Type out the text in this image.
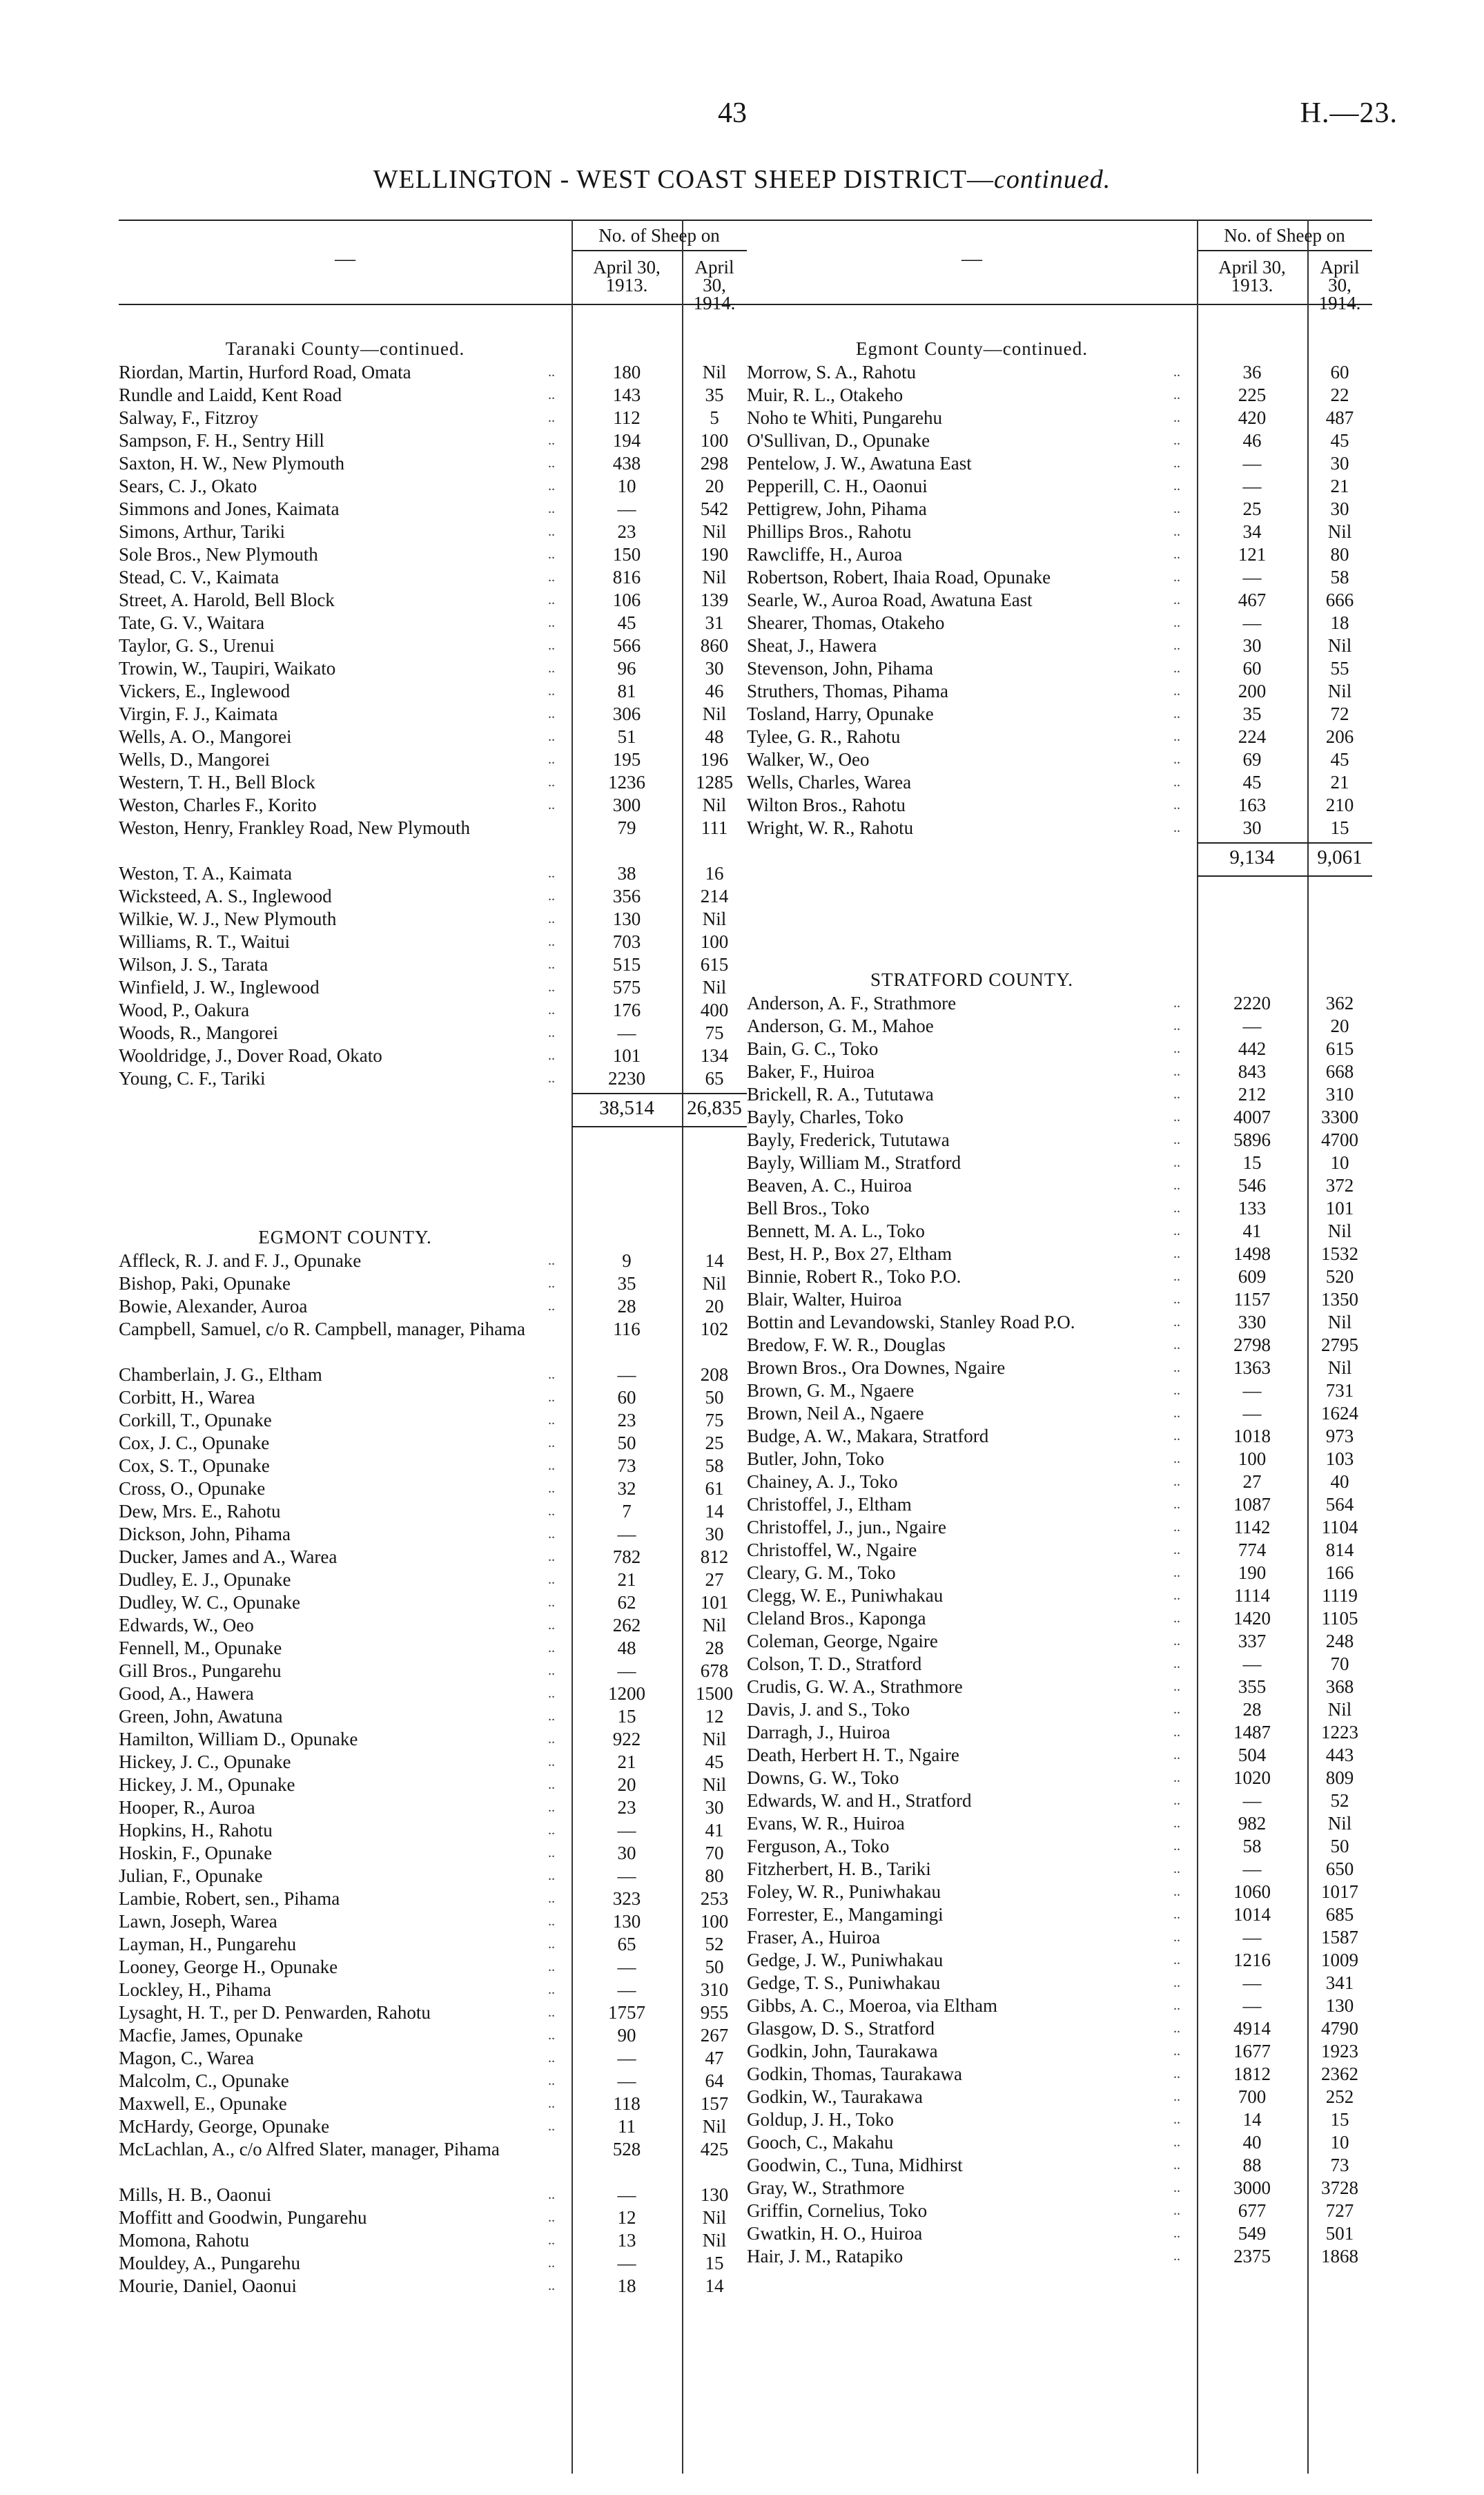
43	H.—23.
WELLINGTON - WEST COAST SHEEP DISTRICT—continued.
—
No. of Sheep on
April 30, 1913.
April 30, 1914.
Taranaki County—continued.
Riordan, Martin, Hurford Road, Omata	..	180	Nil
Rundle and Laidd, Kent Road	..	143	35
Salway, F., Fitzroy	..	112	5
Sampson, F. H., Sentry Hill	..	194	100
Saxton, H. W., New Plymouth	..	438	298
Sears, C. J., Okato	..	10	20
Simmons and Jones, Kaimata	..	—	542
Simons, Arthur, Tariki	..	23	Nil
Sole Bros., New Plymouth	..	150	190
Stead, C. V., Kaimata	..	816	Nil
Street, A. Harold, Bell Block	..	106	139
Tate, G. V., Waitara	..	45	31
Taylor, G. S., Urenui	..	566	860
Trowin, W., Taupiri, Waikato	..	96	30
Vickers, E., Inglewood	..	81	46
Virgin, F. J., Kaimata	..	306	Nil
Wells, A. O., Mangorei	..	51	48
Wells, D., Mangorei	..	195	196
Western, T. H., Bell Block	..	1236	1285
Weston, Charles F., Korito	..	300	Nil
Weston, Henry, Frankley Road, New Plymouth	79	111
Weston, T. A., Kaimata	..	38	16
Wicksteed, A. S., Inglewood	..	356	214
Wilkie, W. J., New Plymouth	..	130	Nil
Williams, R. T., Waitui	..	703	100
Wilson, J. S., Tarata	..	515	615
Winfield, J. W., Inglewood	..	575	Nil
Wood, P., Oakura	..	176	400
Woods, R., Mangorei	..	—	75
Wooldridge, J., Dover Road, Okato	..	101	134
Young, C. F., Tariki	..	2230	65
38,514	26,835
EGMONT COUNTY.
Affleck, R. J. and F. J., Opunake	..	9	14
Bishop, Paki, Opunake	..	35	Nil
Bowie, Alexander, Auroa	..	28	20
Campbell, Samuel, c/o R. Campbell, manager, Pihama	116	102
Chamberlain, J. G., Eltham	..	—	208
Corbitt, H., Warea	..	60	50
Corkill, T., Opunake	..	23	75
Cox, J. C., Opunake	..	50	25
Cox, S. T., Opunake	..	73	58
Cross, O., Opunake	..	32	61
Dew, Mrs. E., Rahotu	..	7	14
Dickson, John, Pihama	..	—	30
Ducker, James and A., Warea	..	782	812
Dudley, E. J., Opunake	..	21	27
Dudley, W. C., Opunake	..	62	101
Edwards, W., Oeo	..	262	Nil
Fennell, M., Opunake	..	48	28
Gill Bros., Pungarehu	..	—	678
Good, A., Hawera	..	1200	1500
Green, John, Awatuna	..	15	12
Hamilton, William D., Opunake	..	922	Nil
Hickey, J. C., Opunake	..	21	45
Hickey, J. M., Opunake	..	20	Nil
Hooper, R., Auroa	..	23	30
Hopkins, H., Rahotu	..	—	41
Hoskin, F., Opunake	..	30	70
Julian, F., Opunake	..	—	80
Lambie, Robert, sen., Pihama	..	323	253
Lawn, Joseph, Warea	..	130	100
Layman, H., Pungarehu	..	65	52
Looney, George H., Opunake	..	—	50
Lockley, H., Pihama	..	—	310
Lysaght, H. T., per D. Penwarden, Rahotu	..	1757	955
Macfie, James, Opunake	..	90	267
Magon, C., Warea	..	—	47
Malcolm, C., Opunake	..	—	64
Maxwell, E., Opunake	..	118	157
McHardy, George, Opunake	..	11	Nil
McLachlan, A., c/o Alfred Slater, manager, Pihama	528	425
Mills, H. B., Oaonui	..	—	130
Moffitt and Goodwin, Pungarehu	..	12	Nil
Momona, Rahotu	..	13	Nil
Mouldey, A., Pungarehu	..	—	15
Mourie, Daniel, Oaonui	..	18	14
—
No. of Sheep on
April 30, 1913.
April 30, 1914.
Egmont County—continued.
Morrow, S. A., Rahotu	..	36	60
Muir, R. L., Otakeho	..	225	22
Noho te Whiti, Pungarehu	..	420	487
O'Sullivan, D., Opunake	..	46	45
Pentelow, J. W., Awatuna East	..	—	30
Pepperill, C. H., Oaonui	..	—	21
Pettigrew, John, Pihama	..	25	30
Phillips Bros., Rahotu	..	34	Nil
Rawcliffe, H., Auroa	..	121	80
Robertson, Robert, Ihaia Road, Opunake	..	—	58
Searle, W., Auroa Road, Awatuna East	..	467	666
Shearer, Thomas, Otakeho	..	—	18
Sheat, J., Hawera	..	30	Nil
Stevenson, John, Pihama	..	60	55
Struthers, Thomas, Pihama	..	200	Nil
Tosland, Harry, Opunake	..	35	72
Tylee, G. R., Rahotu	..	224	206
Walker, W., Oeo	..	69	45
Wells, Charles, Warea	..	45	21
Wilton Bros., Rahotu	..	163	210
Wright, W. R., Rahotu	..	30	15
9,134	9,061
STRATFORD COUNTY.
Anderson, A. F., Strathmore	..	2220	362
Anderson, G. M., Mahoe	..	—	20
Bain, G. C., Toko	..	442	615
Baker, F., Huiroa	..	843	668
Brickell, R. A., Tututawa	..	212	310
Bayly, Charles, Toko	..	4007	3300
Bayly, Frederick, Tututawa	..	5896	4700
Bayly, William M., Stratford	..	15	10
Beaven, A. C., Huiroa	..	546	372
Bell Bros., Toko	..	133	101
Bennett, M. A. L., Toko	..	41	Nil
Best, H. P., Box 27, Eltham	..	1498	1532
Binnie, Robert R., Toko P.O.	..	609	520
Blair, Walter, Huiroa	..	1157	1350
Bottin and Levandowski, Stanley Road P.O.	..	330	Nil
Bredow, F. W. R., Douglas	..	2798	2795
Brown Bros., Ora Downes, Ngaire	..	1363	Nil
Brown, G. M., Ngaere	..	—	731
Brown, Neil A., Ngaere	..	—	1624
Budge, A. W., Makara, Stratford	..	1018	973
Butler, John, Toko	..	100	103
Chainey, A. J., Toko	..	27	40
Christoffel, J., Eltham	..	1087	564
Christoffel, J., jun., Ngaire	..	1142	1104
Christoffel, W., Ngaire	..	774	814
Cleary, G. M., Toko	..	190	166
Clegg, W. E., Puniwhakau	..	1114	1119
Cleland Bros., Kaponga	..	1420	1105
Coleman, George, Ngaire	..	337	248
Colson, T. D., Stratford	..	—	70
Crudis, G. W. A., Strathmore	..	355	368
Davis, J. and S., Toko	..	28	Nil
Darragh, J., Huiroa	..	1487	1223
Death, Herbert H. T., Ngaire	..	504	443
Downs, G. W., Toko	..	1020	809
Edwards, W. and H., Stratford	..	—	52
Evans, W. R., Huiroa	..	982	Nil
Ferguson, A., Toko	..	58	50
Fitzherbert, H. B., Tariki	..	—	650
Foley, W. R., Puniwhakau	..	1060	1017
Forrester, E., Mangamingi	..	1014	685
Fraser, A., Huiroa	..	—	1587
Gedge, J. W., Puniwhakau	..	1216	1009
Gedge, T. S., Puniwhakau	..	—	341
Gibbs, A. C., Moeroa, via Eltham	..	—	130
Glasgow, D. S., Stratford	..	4914	4790
Godkin, John, Taurakawa	..	1677	1923
Godkin, Thomas, Taurakawa	..	1812	2362
Godkin, W., Taurakawa	..	700	252
Goldup, J. H., Toko	..	14	15
Gooch, C., Makahu	..	40	10
Goodwin, C., Tuna, Midhirst	..	88	73
Gray, W., Strathmore	..	3000	3728
Griffin, Cornelius, Toko	..	677	727
Gwatkin, H. O., Huiroa	..	549	501
Hair, J. M., Ratapiko	..	2375	1868
